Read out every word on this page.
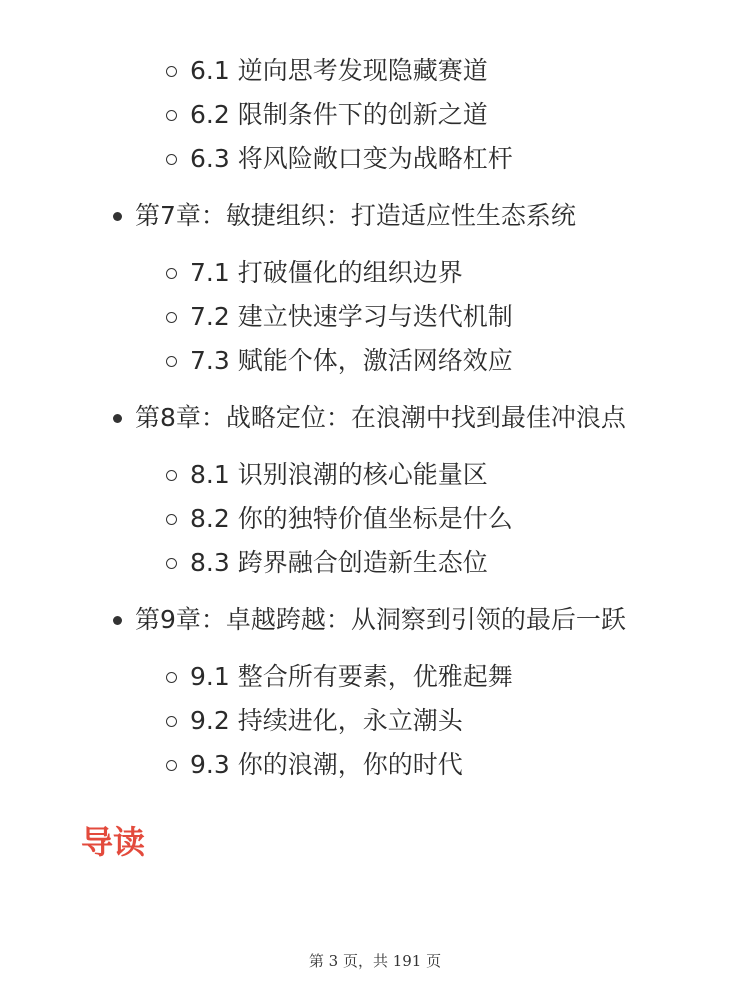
6.1 逆向思考发现隐藏赛道
6.2 限制条件下的创新之道
6.3 将风险敞口变为战略杠杆
第7章：敏捷组织：打造适应性生态系统
7.1 打破僵化的组织边界
7.2 建立快速学习与迭代机制
7.3 赋能个体，激活网络效应
第8章：战略定位：在浪潮中找到最佳冲浪点
8.1 识别浪潮的核心能量区
8.2 你的独特价值坐标是什么
8.3 跨界融合创造新生态位
第9章：卓越跨越：从洞察到引领的最后一跃
9.1 整合所有要素，优雅起舞
9.2 持续进化，永立潮头
9.3 你的浪潮，你的时代
导读
第 3 页，共 191 页
